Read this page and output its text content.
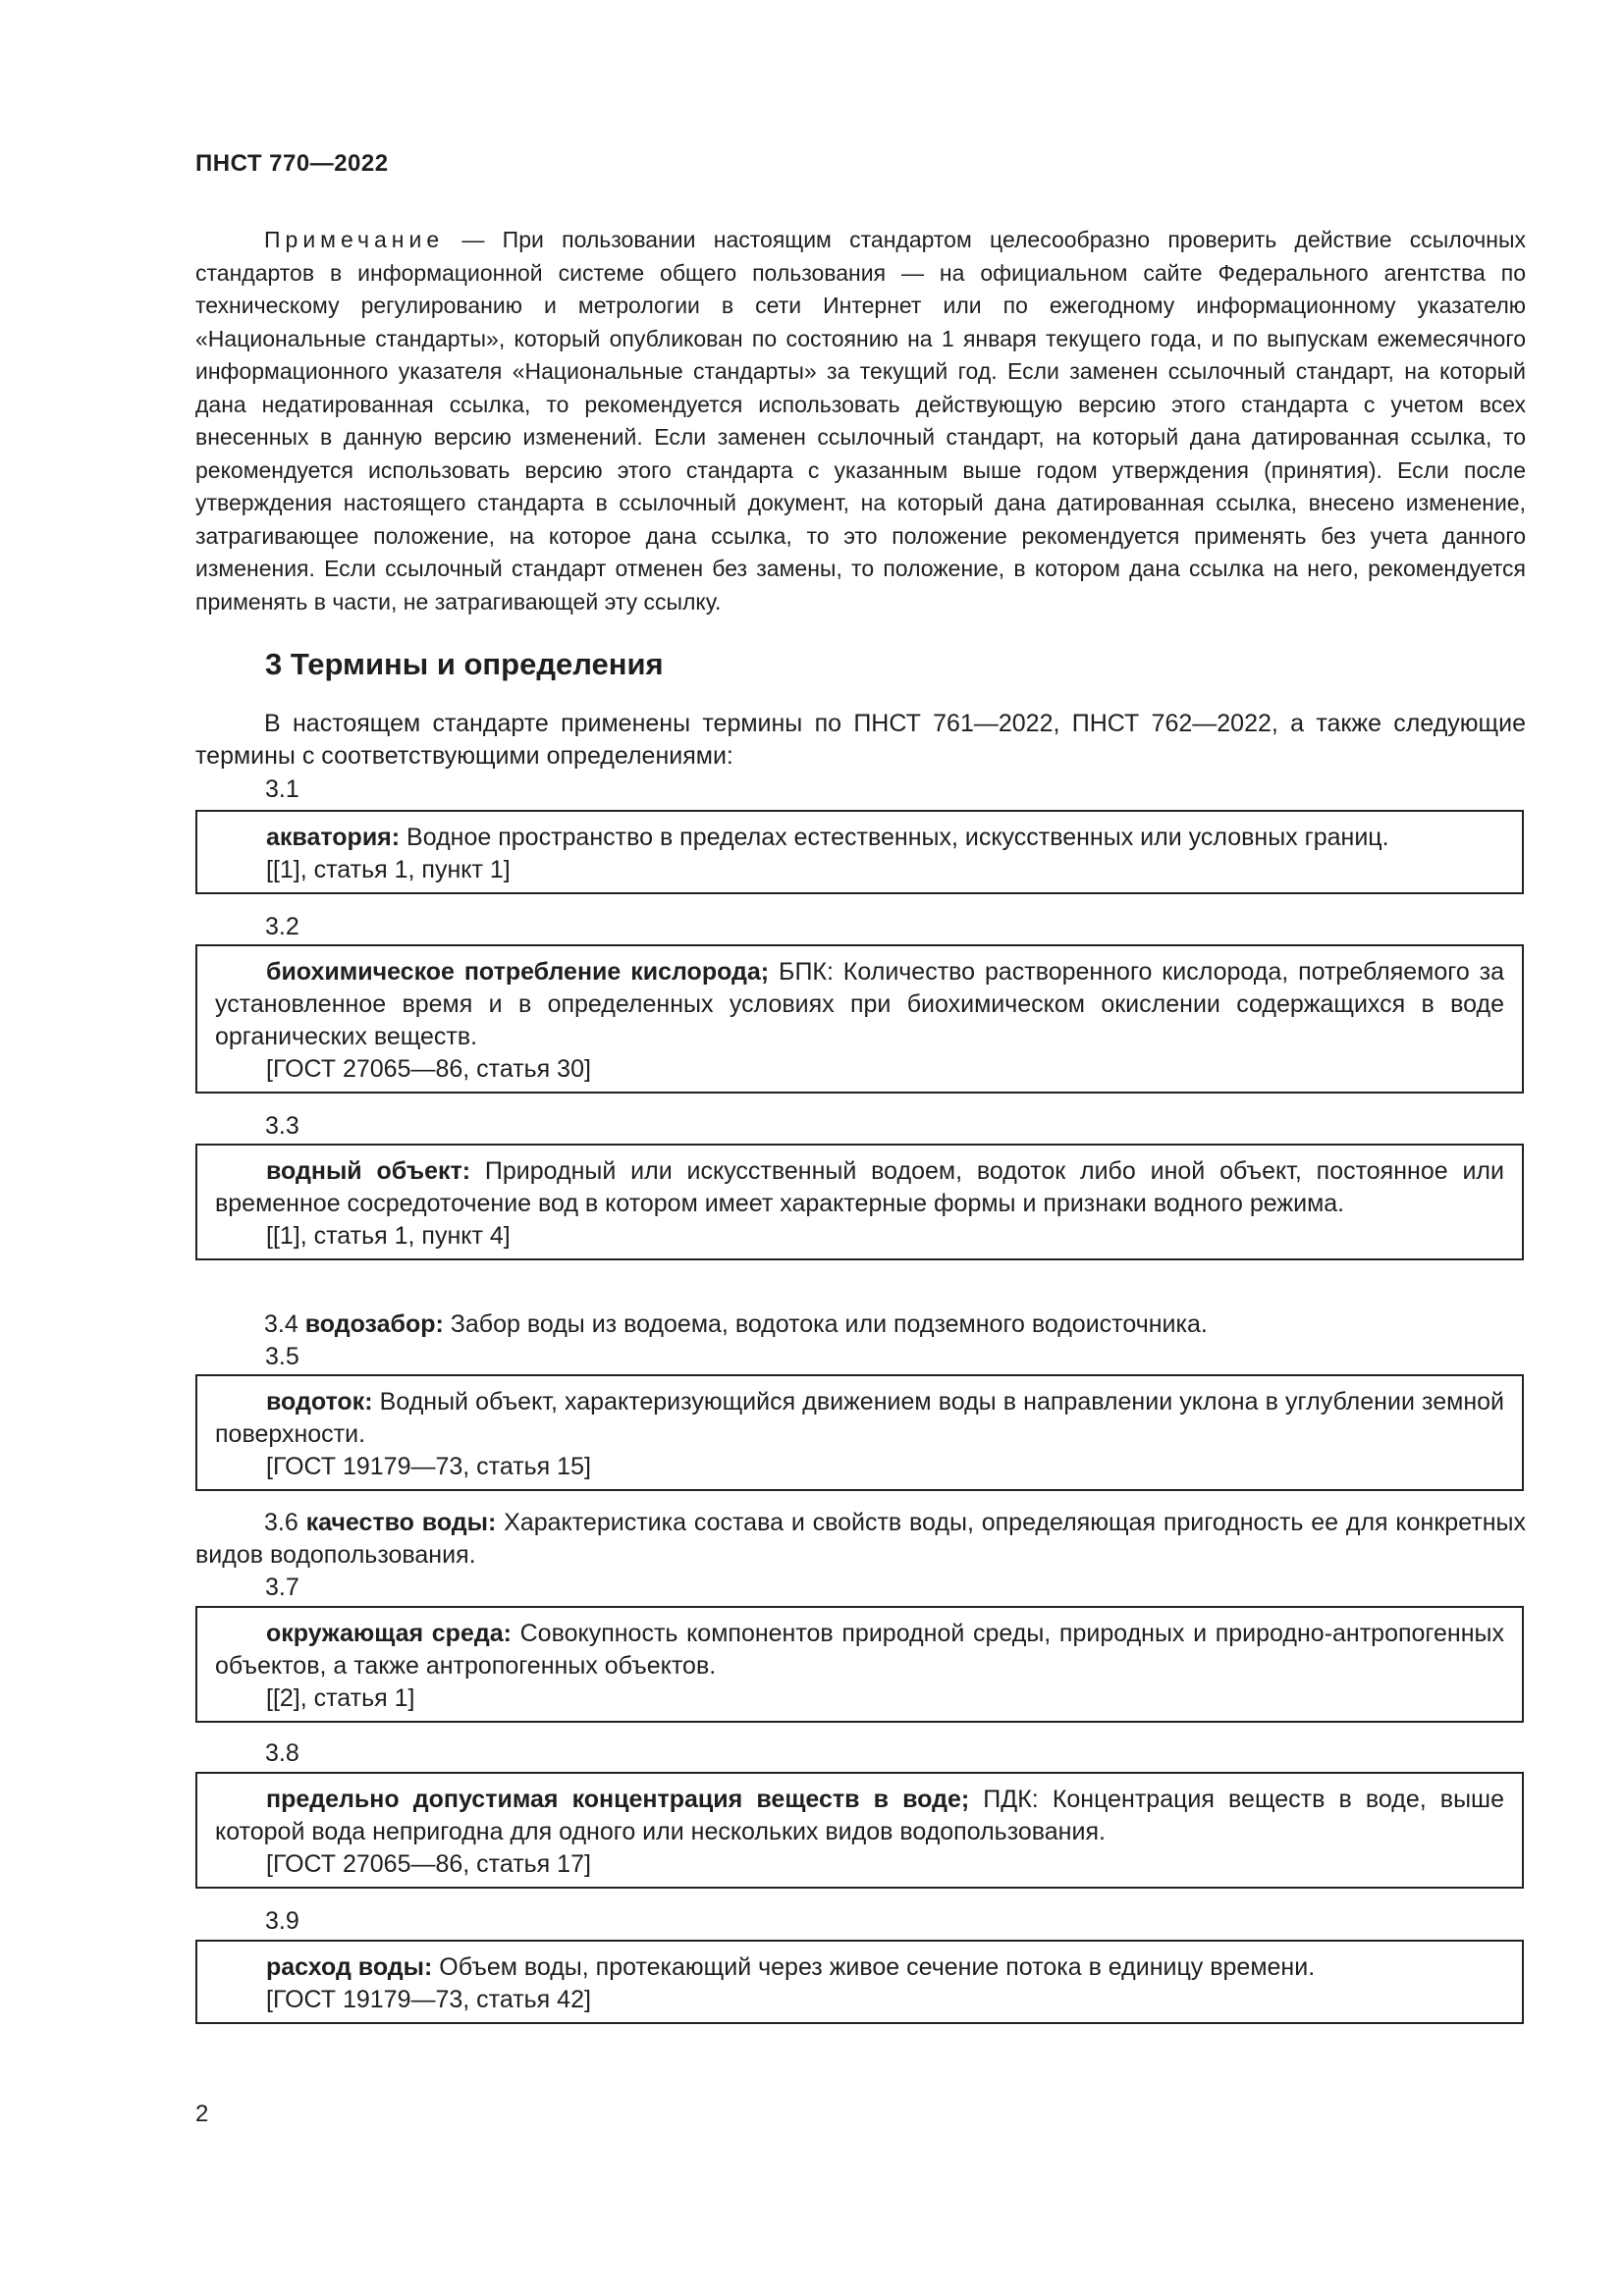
ПНСТ 770—2022
Примечание — При пользовании настоящим стандартом целесообразно проверить действие ссылочных стандартов в информационной системе общего пользования — на официальном сайте Федерального агентства по техническому регулированию и метрологии в сети Интернет или по ежегодному информационному указателю «Национальные стандарты», который опубликован по состоянию на 1 января текущего года, и по выпускам ежемесячного информационного указателя «Национальные стандарты» за текущий год. Если заменен ссылочный стандарт, на который дана недатированная ссылка, то рекомендуется использовать действующую версию этого стандарта с учетом всех внесенных в данную версию изменений. Если заменен ссылочный стандарт, на который дана датированная ссылка, то рекомендуется использовать версию этого стандарта с указанным выше годом утверждения (принятия). Если после утверждения настоящего стандарта в ссылочный документ, на который дана датированная ссылка, внесено изменение, затрагивающее положение, на которое дана ссылка, то это положение рекомендуется применять без учета данного изменения. Если ссылочный стандарт отменен без замены, то положение, в котором дана ссылка на него, рекомендуется применять в части, не затрагивающей эту ссылку.
3 Термины и определения
В настоящем стандарте применены термины по ПНСТ 761—2022, ПНСТ 762—2022, а также следующие термины с соответствующими определениями:
3.1
акватория: Водное пространство в пределах естественных, искусственных или условных границ.
[[1], статья 1, пункт 1]
3.2
биохимическое потребление кислорода; БПК: Количество растворенного кислорода, потребляемого за установленное время и в определенных условиях при биохимическом окислении содержащихся в воде органических веществ.
[ГОСТ 27065—86, статья 30]
3.3
водный объект: Природный или искусственный водоем, водоток либо иной объект, постоянное или временное сосредоточение вод в котором имеет характерные формы и признаки водного режима.
[[1], статья 1, пункт 4]
3.4 водозабор: Забор воды из водоема, водотока или подземного водоисточника.
3.5
водоток: Водный объект, характеризующийся движением воды в направлении уклона в углублении земной поверхности.
[ГОСТ 19179—73, статья 15]
3.6 качество воды: Характеристика состава и свойств воды, определяющая пригодность ее для конкретных видов водопользования.
3.7
окружающая среда: Совокупность компонентов природной среды, природных и природно-антропогенных объектов, а также антропогенных объектов.
[[2], статья 1]
3.8
предельно допустимая концентрация веществ в воде; ПДК: Концентрация веществ в воде, выше которой вода непригодна для одного или нескольких видов водопользования.
[ГОСТ 27065—86, статья 17]
3.9
расход воды: Объем воды, протекающий через живое сечение потока в единицу времени.
[ГОСТ 19179—73, статья 42]
2
